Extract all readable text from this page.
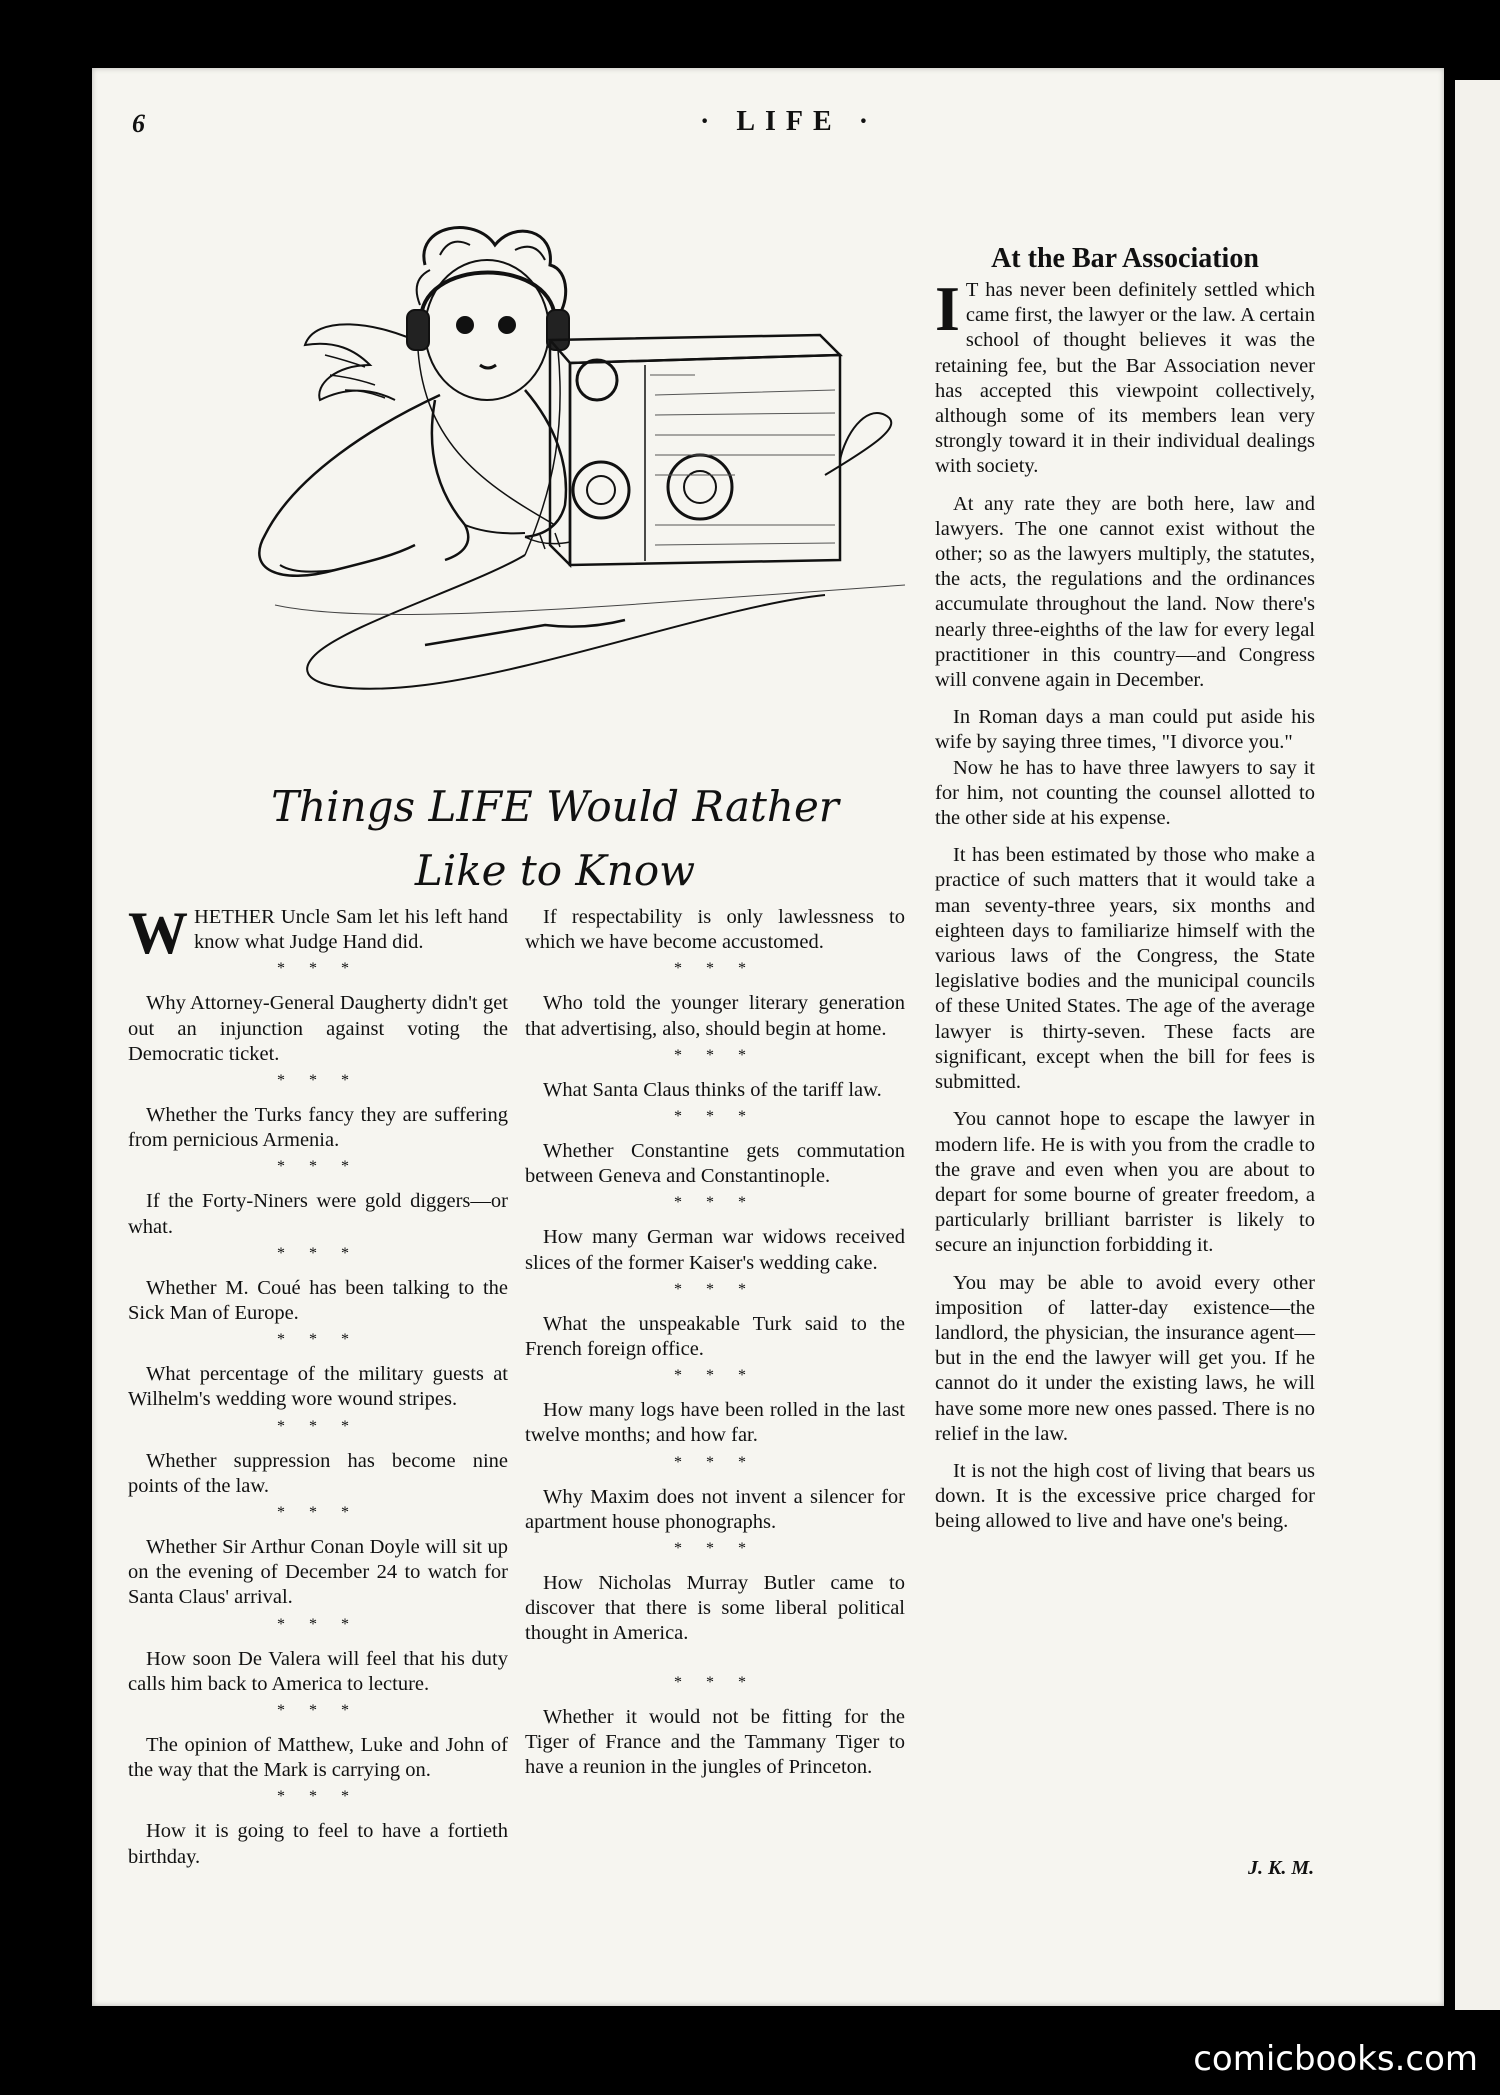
6	· LIFE ·
Things LIFE Would Rather
Like to Know

WHETHER Uncle Sam let his left hand know what Judge Hand did.

* * *

Why Attorney-General Daugherty didn't get out an injunction against voting the Democratic ticket.

* * *

Whether the Turks fancy they are suffering from pernicious Armenia.

* * *

If the Forty-Niners were gold diggers—or what.

* * *

Whether M. Coué has been talking to the Sick Man of Europe.

* * *

What percentage of the military guests at Wilhelm's wedding wore wound stripes.

* * *

Whether suppression has become nine points of the law.

* * *

Whether Sir Arthur Conan Doyle will sit up on the evening of December 24 to watch for Santa Claus' arrival.

* * *

How soon De Valera will feel that his duty calls him back to America to lecture.

* * *

The opinion of Matthew, Luke and John of the way that the Mark is carrying on.

* * *

How it is going to feel to have a fortieth birthday.

If respectability is only lawlessness to which we have become accustomed.

* * *

Who told the younger literary generation that advertising, also, should begin at home.

* * *

What Santa Claus thinks of the tariff law.

* * *

Whether Constantine gets commutation between Geneva and Constantinople.

* * *

How many German war widows received slices of the former Kaiser's wedding cake.

* * *

What the unspeakable Turk said to the French foreign office.

* * *

How many logs have been rolled in the last twelve months; and how far.

* * *

Why Maxim does not invent a silencer for apartment house phonographs.

* * *

How Nicholas Murray Butler came to discover that there is some liberal political thought in America.

* * *

Whether it would not be fitting for the Tiger of France and the Tammany Tiger to have a reunion in the jungles of Princeton.

At the Bar Association

I T has never been definitely settled which came first, the lawyer or the law. A certain school of thought believes it was the retaining fee, but the Bar Association never has accepted this viewpoint collectively, although some of its members lean very strongly toward it in their individual dealings with society.

At any rate they are both here, law and lawyers. The one cannot exist without the other; so as the lawyers multiply, the statutes, the acts, the regulations and the ordinances accumulate throughout the land. Now there's nearly three-eighths of the law for every legal practitioner in this country—and Congress will convene again in December.

In Roman days a man could put aside his wife by saying three times, "I divorce you."

Now he has to have three lawyers to say it for him, not counting the counsel allotted to the other side at his expense.

It has been estimated by those who make a practice of such matters that it would take a man seventy-three years, six months and eighteen days to familiarize himself with the various laws of the Congress, the State legislative bodies and the municipal councils of these United States. The age of the average lawyer is thirty-seven. These facts are significant, except when the bill for fees is submitted.

You cannot hope to escape the lawyer in modern life. He is with you from the cradle to the grave and even when you are about to depart for some bourne of greater freedom, a particularly brilliant barrister is likely to secure an injunction forbidding it.

You may be able to avoid every other imposition of latter-day existence—the landlord, the physician, the insurance agent—but in the end the lawyer will get you. If he cannot do it under the existing laws, he will have some more new ones passed. There is no relief in the law.

It is not the high cost of living that bears us down. It is the excessive price charged for being allowed to live and have one's being.

J. K. M.
comicbooks.com
